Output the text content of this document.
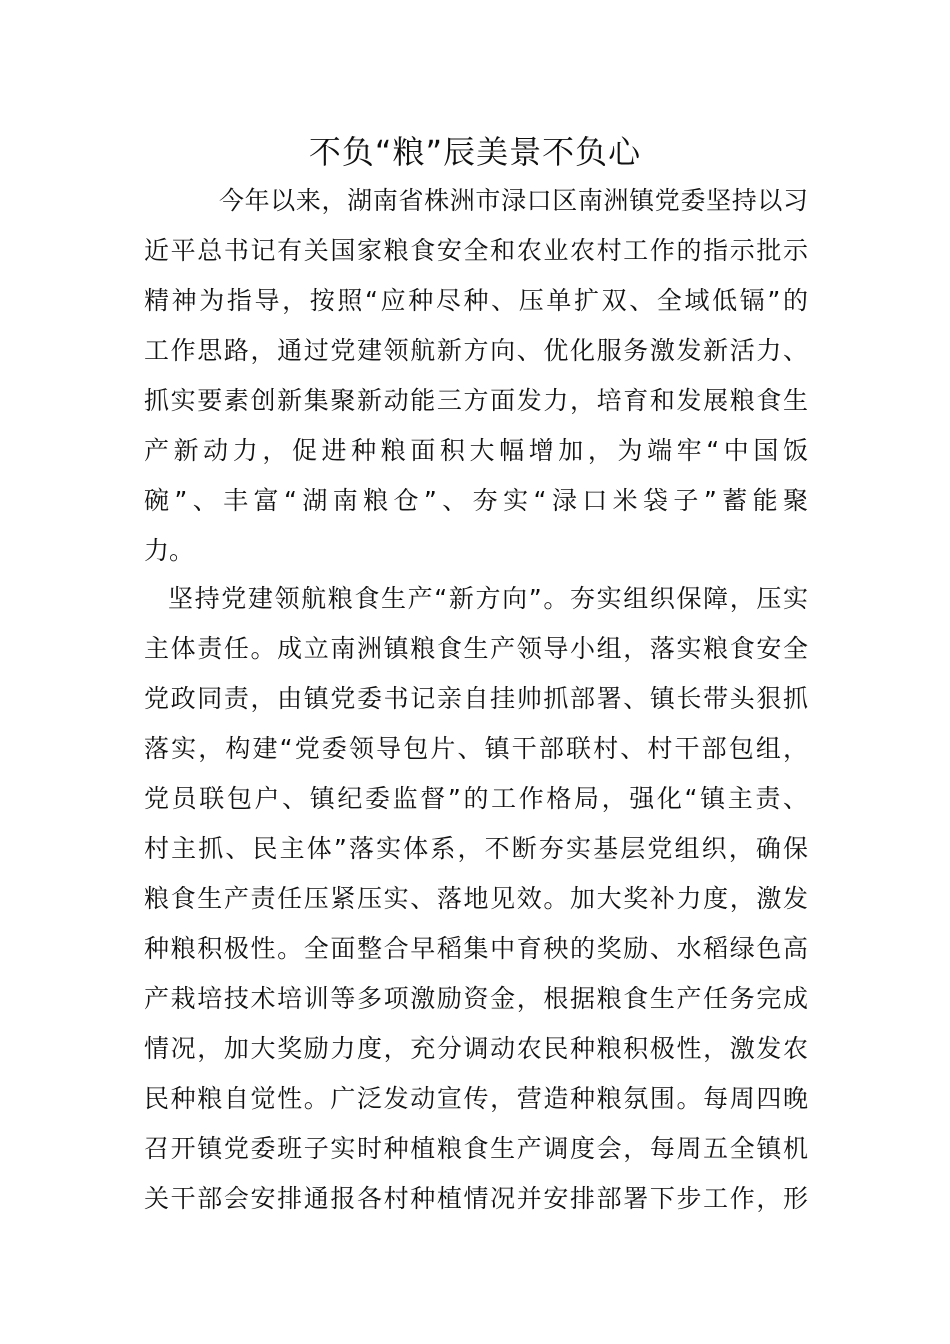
不负“粮”辰美景不负心
今年以来，湖南省株洲市渌口区南洲镇党委坚持以习
近平总书记有关国家粮食安全和农业农村工作的指示批示
精神为指导，按照“应种尽种、压单扩双、全域低镉”的
工作思路，通过党建领航新方向、优化服务激发新活力、
抓实要素创新集聚新动能三方面发力，培育和发展粮食生
产新动力，促进种粮面积大幅增加，为端牢“中国饭
碗”、丰富“湖南粮仓”、夯实“渌口米袋子”蓄能聚
力。
坚持党建领航粮食生产“新方向”。夯实组织保障，压实
主体责任。成立南洲镇粮食生产领导小组，落实粮食安全
党政同责，由镇党委书记亲自挂帅抓部署、镇长带头狠抓
落实，构建“党委领导包片、镇干部联村、村干部包组，
党员联包户、镇纪委监督”的工作格局，强化“镇主责、
村主抓、民主体”落实体系，不断夯实基层党组织，确保
粮食生产责任压紧压实、落地见效。加大奖补力度，激发
种粮积极性。全面整合早稻集中育秧的奖励、水稻绿色高
产栽培技术培训等多项激励资金，根据粮食生产任务完成
情况，加大奖励力度，充分调动农民种粮积极性，激发农
民种粮自觉性。广泛发动宣传，营造种粮氛围。每周四晚
召开镇党委班子实时种植粮食生产调度会，每周五全镇机
关干部会安排通报各村种植情况并安排部署下步工作，形
